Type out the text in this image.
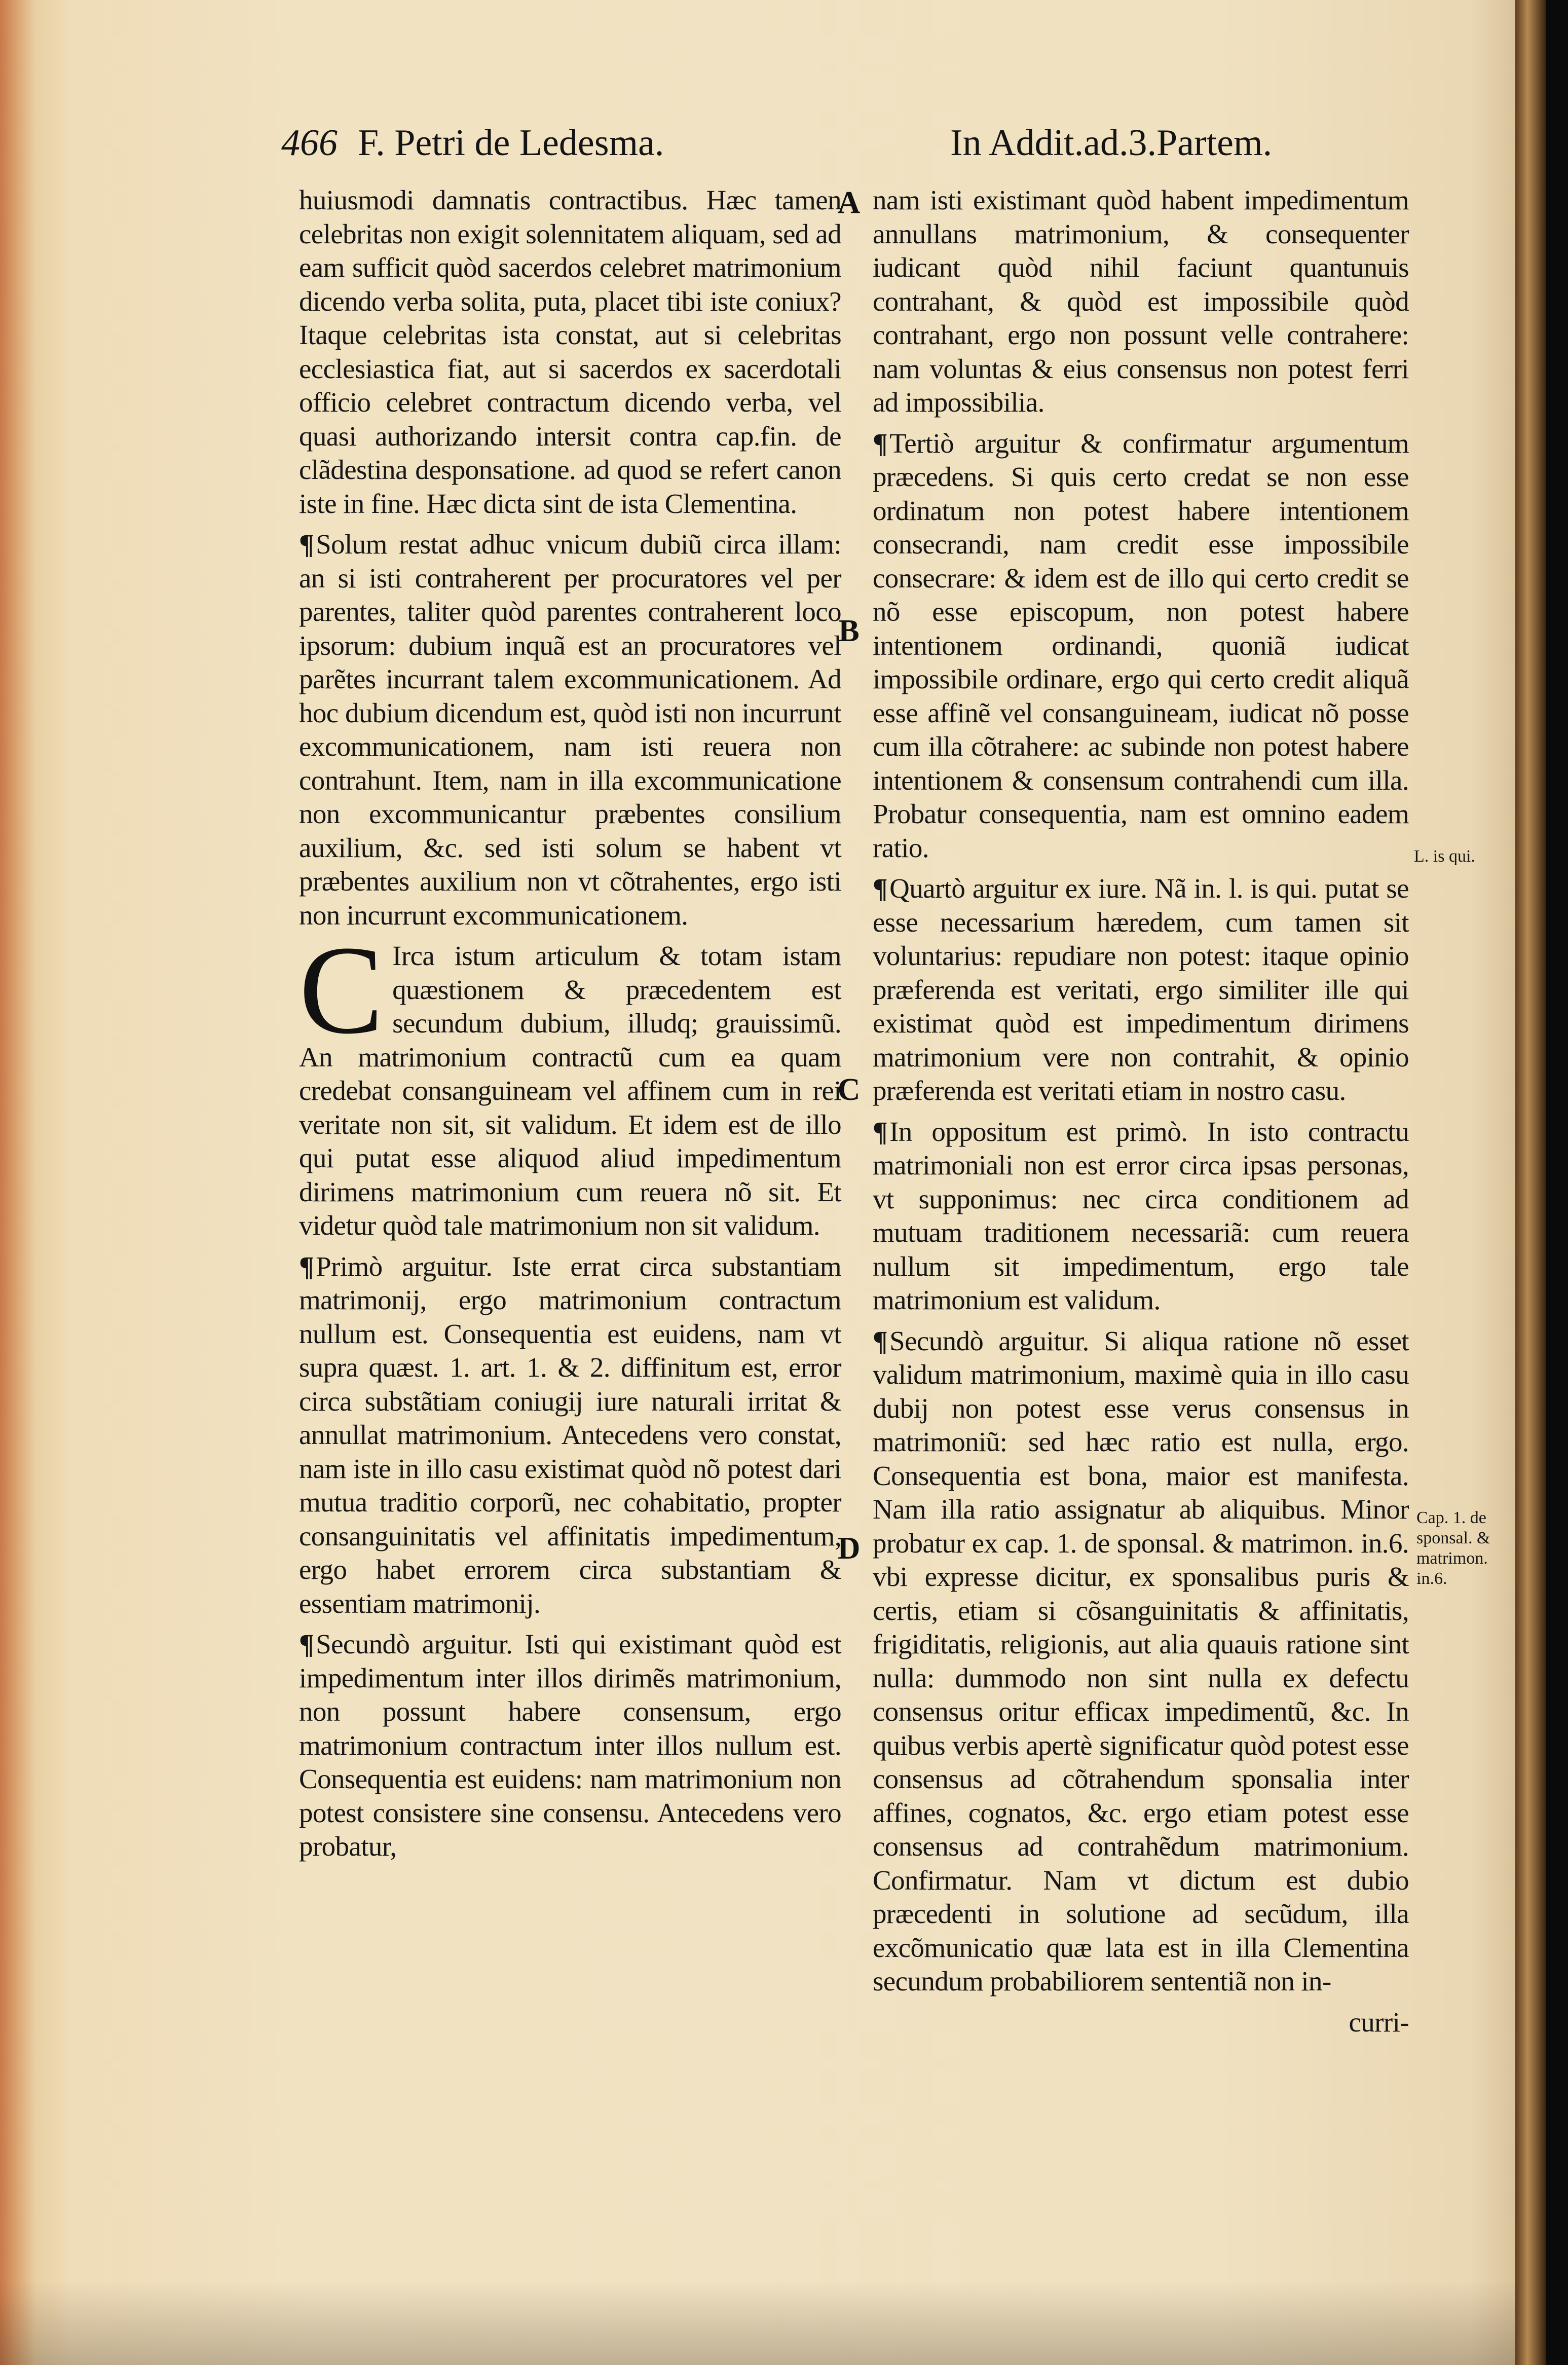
466 F. Petri de Ledesma.	In Addit.ad.3.Partem.

huiusmodi damnatis contractibus. Hæc tamen celebritas non exigit solennitatem aliquam, sed ad eam sufficit quòd sacerdos celebret matrimonium dicendo verba solita, puta, placet tibi iste coniux? Itaque celebritas ista constat, aut si celebritas ecclesiastica fiat, aut si sacerdos ex sacerdotali officio celebret contractum dicendo verba, vel quasi authorizando intersit contra cap.fin. de clãdestina desponsatione. ad quod se refert canon iste in fine. Hæc dicta sint de ista Clementina.

¶Solum restat adhuc vnicum dubiũ circa illam: an si isti contraherent per procuratores vel per parentes, taliter quòd parentes contraherent loco ipsorum: dubium inquã est an procuratores vel parẽtes incurrant talem excommunicationem. Ad hoc dubium dicendum est, quòd isti non incurrunt excommunicationem, nam isti reuera non contrahunt. Item, nam in illa excommunicatione non excommunicantur præbentes consilium auxilium, &c. sed isti solum se habent vt præbentes auxilium non vt cõtrahentes, ergo isti non incurrunt excommunicationem.

C Irca istum articulum & totam istam quæstionem & præcedentem est secundum dubium, illudq; grauissimũ. An matrimonium contractũ cum ea quam credebat consanguineam vel affinem cum in rei veritate non sit, sit validum. Et idem est de illo qui putat esse aliquod aliud impedimentum dirimens matrimonium cum reuera nõ sit. Et videtur quòd tale matrimonium non sit validum.

¶Primò arguitur. Iste errat circa substantiam matrimonij, ergo matrimonium contractum nullum est. Consequentia est euidens, nam vt supra quæst. 1. art. 1. & 2. diffinitum est, error circa substãtiam coniugij iure naturali irritat & annullat matrimonium. Antecedens vero constat, nam iste in illo casu existimat quòd nõ potest dari mutua traditio corporũ, nec cohabitatio, propter consanguinitatis vel affinitatis impedimentum, ergo habet errorem circa substantiam & essentiam matrimonij.

¶Secundò arguitur. Isti qui existimant quòd est impedimentum inter illos dirimẽs matrimonium, non possunt habere consensum, ergo matrimonium contractum inter illos nullum est. Consequentia est euidens: nam matrimonium non potest consistere sine consensu. Antecedens vero probatur,

A
B
C
D

nam isti existimant quòd habent impedimentum annullans matrimonium, & consequenter iudicant quòd nihil faciunt quantunuis contrahant, & quòd est impossibile quòd contrahant, ergo non possunt velle contrahere: nam voluntas & eius consensus non potest ferri ad impossibilia.

¶Tertiò arguitur & confirmatur argumentum præcedens. Si quis certo credat se non esse ordinatum non potest habere intentionem consecrandi, nam credit esse impossibile consecrare: & idem est de illo qui certo credit se nõ esse episcopum, non potest habere intentionem ordinandi, quoniã iudicat impossibile ordinare, ergo qui certo credit aliquã esse affinẽ vel consanguineam, iudicat nõ posse cum illa cõtrahere: ac subinde non potest habere intentionem & consensum contrahendi cum illa. Probatur consequentia, nam est omnino eadem ratio.

¶Quartò arguitur ex iure. Nã in. l. is qui. putat se esse necessarium hæredem, cum tamen sit voluntarius: repudiare non potest: itaque opinio præferenda est veritati, ergo similiter ille qui existimat quòd est impedimentum dirimens matrimonium vere non contrahit, & opinio præferenda est veritati etiam in nostro casu.

¶In oppositum est primò. In isto contractu matrimoniali non est error circa ipsas personas, vt supponimus: nec circa conditionem ad mutuam traditionem necessariã: cum reuera nullum sit impedimentum, ergo tale matrimonium est validum.

¶Secundò arguitur. Si aliqua ratione nõ esset validum matrimonium, maximè quia in illo casu dubij non potest esse verus consensus in matrimoniũ: sed hæc ratio est nulla, ergo. Consequentia est bona, maior est manifesta. Nam illa ratio assignatur ab aliquibus. Minor probatur ex cap. 1. de sponsal. & matrimon. in.6. vbi expresse dicitur, ex sponsalibus puris & certis, etiam si cõsanguinitatis & affinitatis, frigiditatis, religionis, aut alia quauis ratione sint nulla: dummodo non sint nulla ex defectu consensus oritur efficax impedimentũ, &c. In quibus verbis apertè significatur quòd potest esse consensus ad cõtrahendum sponsalia inter affines, cognatos, &c. ergo etiam potest esse consensus ad contrahẽdum matrimonium. Confirmatur. Nam vt dictum est dubio præcedenti in solutione ad secũdum, illa excõmunicatio quæ lata est in illa Clementina secundum probabiliorem sententiã non in-

curri-
L. is qui.
Cap. 1. de sponsal. & matrimon. in.6.
